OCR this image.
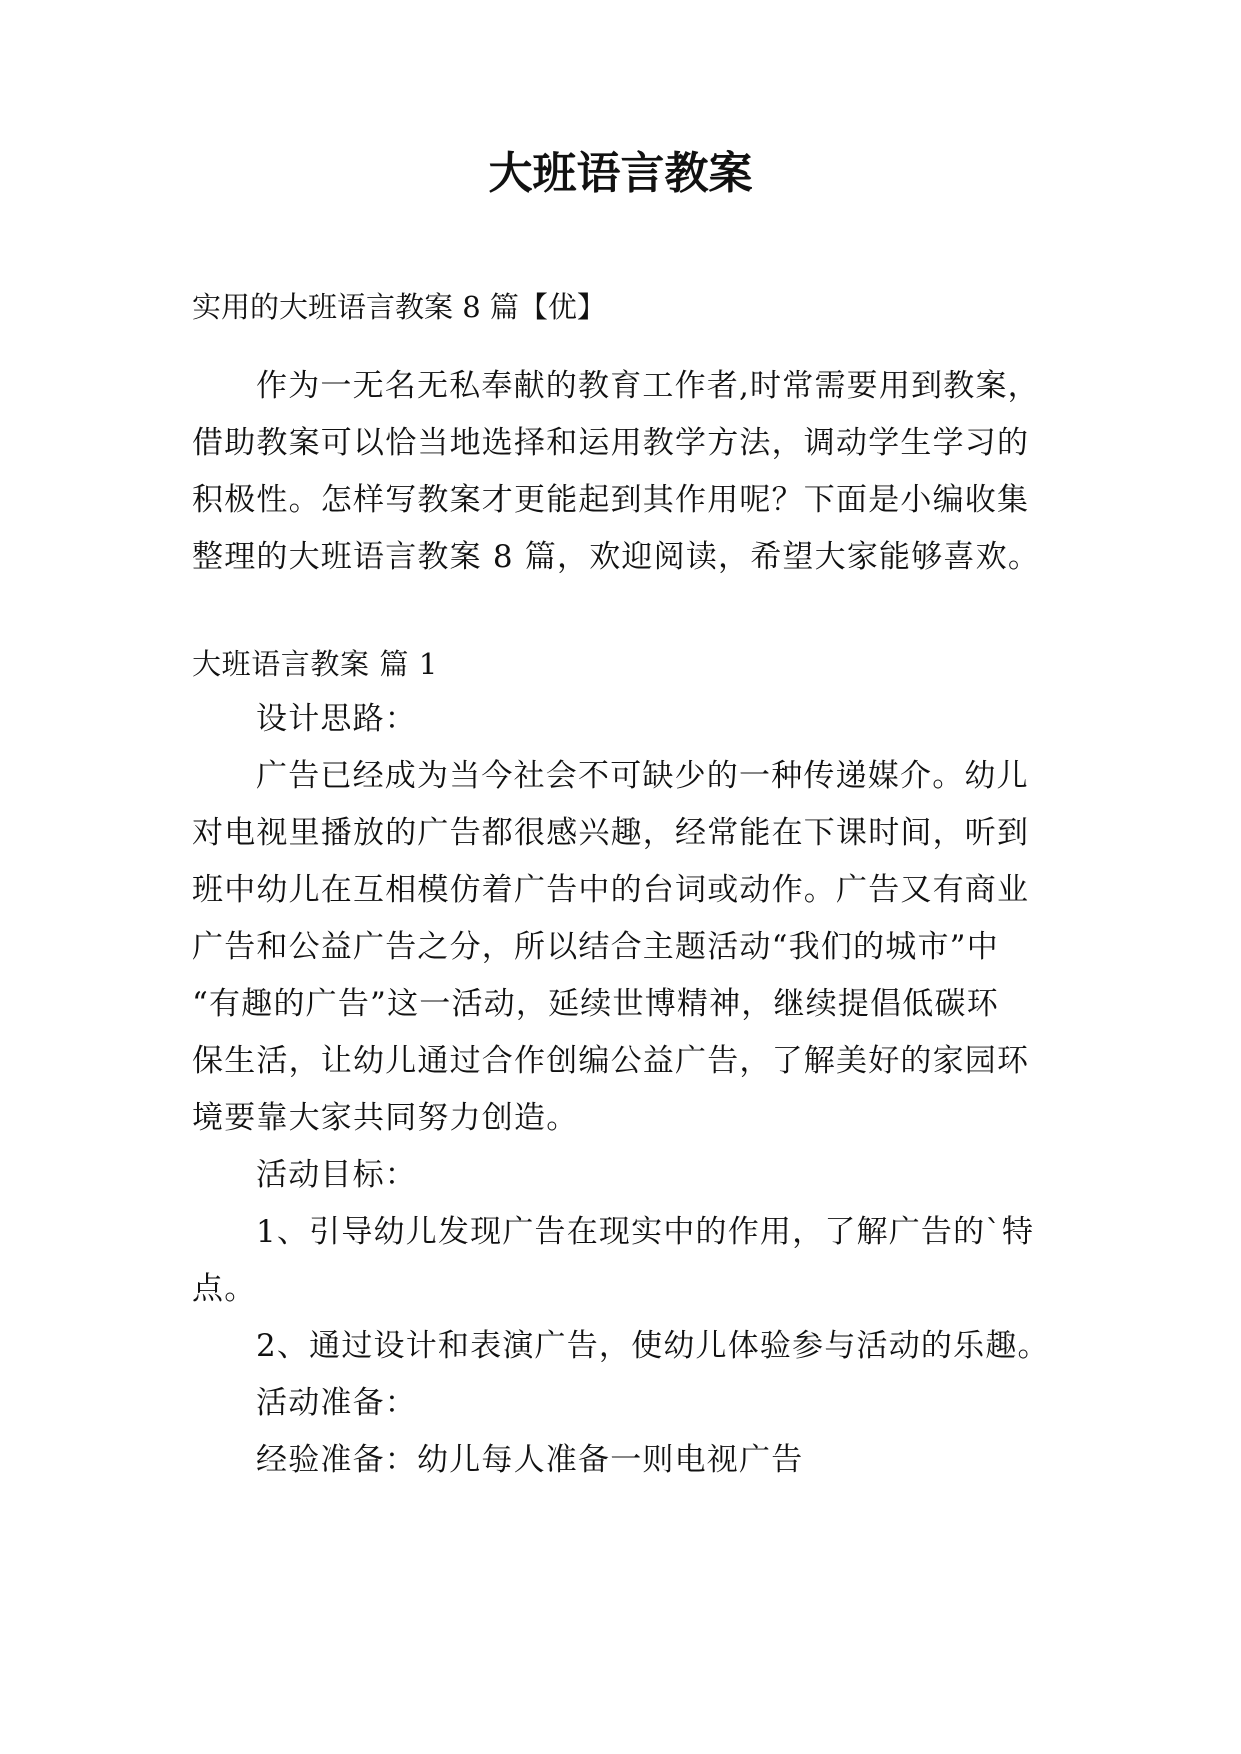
大班语言教案

实用的大班语言教案 8 篇【优】

作为一无名无私奉献的教育工作者,时常需要用到教案，

借助教案可以恰当地选择和运用教学方法，调动学生学习的

积极性。怎样写教案才更能起到其作用呢？下面是小编收集

整理的大班语言教案 8 篇，欢迎阅读，希望大家能够喜欢。

大班语言教案 篇 1

设计思路：

广告已经成为当今社会不可缺少的一种传递媒介。幼儿

对电视里播放的广告都很感兴趣，经常能在下课时间，听到

班中幼儿在互相模仿着广告中的台词或动作。广告又有商业

广告和公益广告之分，所以结合主题活动“我们的城市”中

“有趣的广告”这一活动，延续世博精神，继续提倡低碳环

保生活，让幼儿通过合作创编公益广告，了解美好的家园环

境要靠大家共同努力创造。

活动目标：

1、引导幼儿发现广告在现实中的作用，了解广告的`特

点。

2、通过设计和表演广告，使幼儿体验参与活动的乐趣。

活动准备：

经验准备：幼儿每人准备一则电视广告
